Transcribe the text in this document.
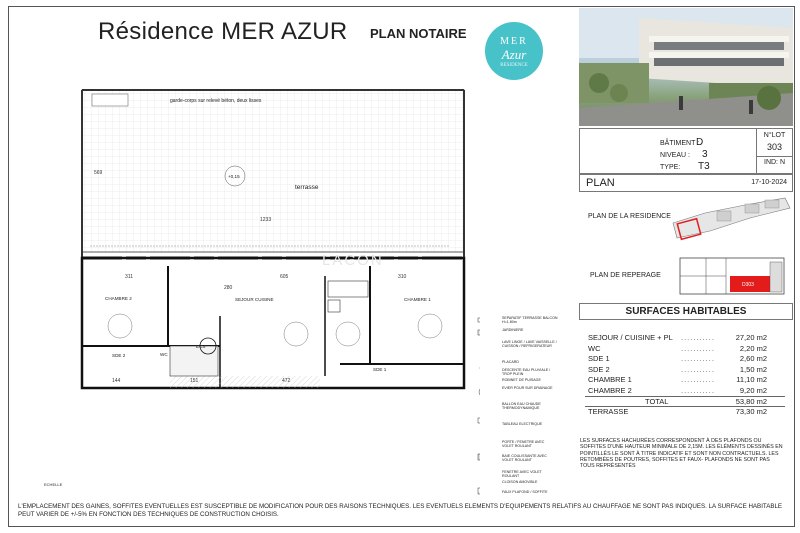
Résidence MER AZUR PLAN NOTAIRE
MER
Azur
RÉSIDENCE
BÂTIMENT :
D
NIVEAU : 3
TYPE: T3
N°LOT
303
IND: N
PLAN	17-10-2024
PLAN DE LA RESIDENCE
PLAN DE REPERAGE
D303
SURFACES HABITABLES
SEJOUR / CUISINE + PL ...........	27,20 m2
WC	...........	2,20 m2
SDE 1	...........	2,60 m2
SDE 2	...........	1,50 m2
CHAMBRE 1	...........	11,10 m2
CHAMBRE 2	...........	9,20 m2
TOTAL	53,80 m2
TERRASSE	73,30 m2
LES SURFACES HACHURÉES CORRESPONDENT À DES PLAFONDS OU SOFFITES D'UNE HAUTEUR MINIMALE DE 2,15M. LES ÉLÉMENTS DESSINÉS EN POINTILLÉS LE SONT À TITRE INDICATIF ET SONT NON CONTRACTUELS. LES RETOMBÉES DE POUTRES, SOFFITES ET FAUX- PLAFONDS NE SONT PAS TOUS REPRÉSENTÉS
L'EMPLACEMENT DES GAINES, SOFFITES EVENTUELLES EST SUSCEPTIBLE DE MODIFICATION POUR DES RAISONS TECHNIQUES. LES EVENTUELS ELEMENTS D'EQUIPEMENTS RELATIFS AU CHAUFFAGE NE SONT PAS INDIQUES. LA SURFACE HABITABLE PEUT VARIER DE +/-5% EN FONCTION DES TECHNIQUES DE CONSTRUCTION CHOISIS.
garde-corps sur relevé béton, deux lisses
terrasse
+0,15
1233
569
CHAMBRE 2	SEJOUR CUISINE	CHAMBRE 1
SDE 2
SDE 1
WC
ECS
311	605	310
151	472
144
280
LACON
SEPARATIF TERRASSE BALCON H=1.80m
JARDINIERE
LAVE LINGE / LAVE VAISSELLE / CUISSON / REFRIGERATEUR
PLACARD
DESCENTE EAU PLUVIALE / TROP PLEIN
ROBINET DE PUISAGE
EVIER POUR SUR DRAINAGE
BALLON EAU CHAUDE THERMODYNAMIQUE
TABLEAU ELECTRIQUE
PORTE / FENETRE AVEC VOLET ROULANT
BAIE COULISSANTE AVEC VOLET ROULANT
FENETRE AVEC VOLET ROULANT
CLOISON AMOVIBLE
FAUX PLAFOND / SOFFITE
ECHELLE
